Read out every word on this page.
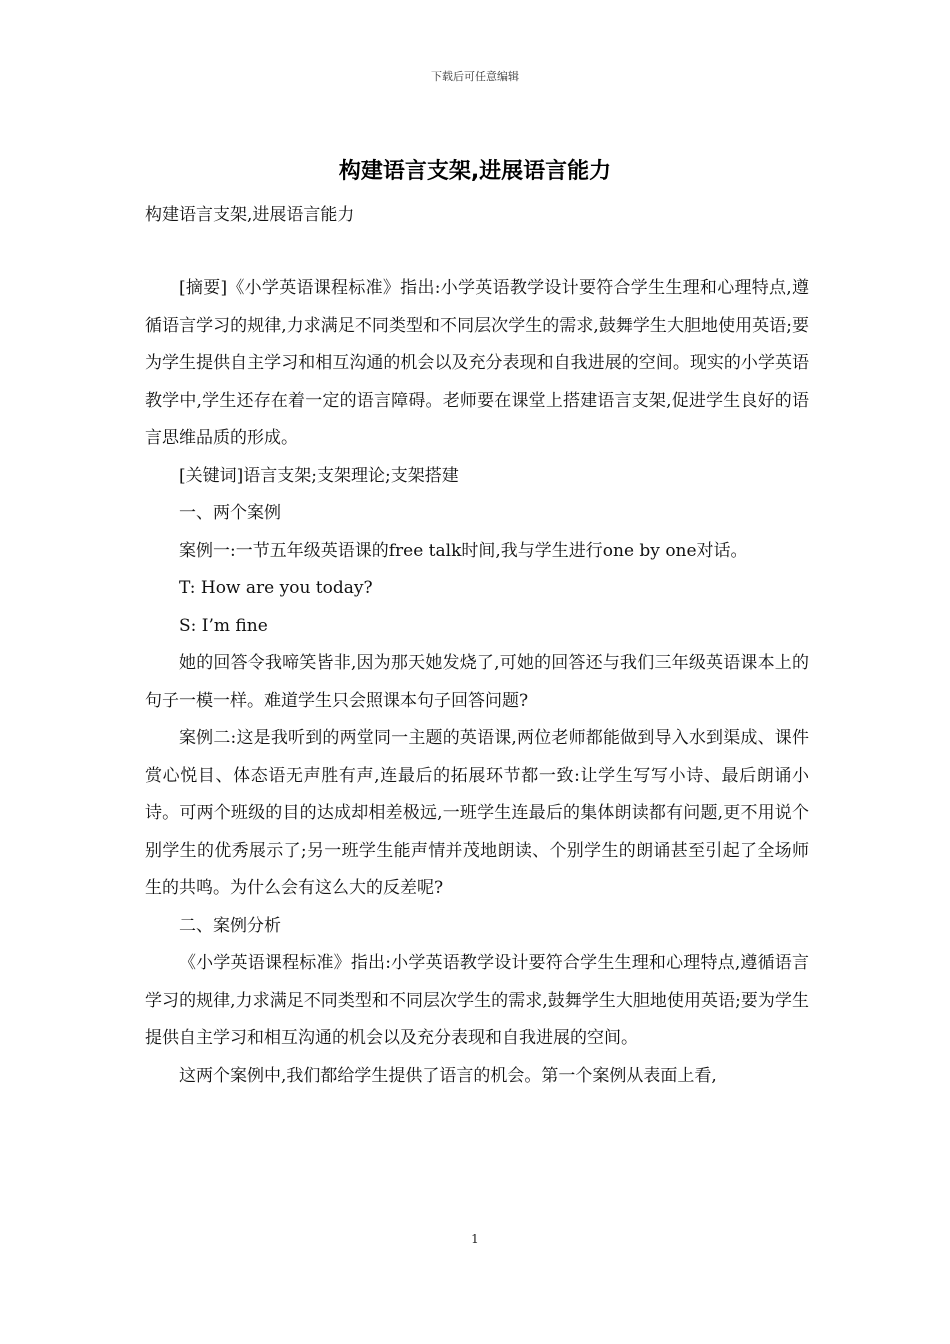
下载后可任意编辑
构建语言支架,进展语言能力
构建语言支架,进展语言能力

[摘要]《小学英语课程标准》指出:小学英语教学设计要符合学生生理和心理特点,遵循语言学习的规律,力求满足不同类型和不同层次学生的需求,鼓舞学生大胆地使用英语;要为学生提供自主学习和相互沟通的机会以及充分表现和自我进展的空间。现实的小学英语教学中,学生还存在着一定的语言障碍。老师要在课堂上搭建语言支架,促进学生良好的语言思维品质的形成。

[关键词]语言支架;支架理论;支架搭建

一、两个案例

案例一:一节五年级英语课的free talk时间,我与学生进行one by one对话。

T: How are you today?

S: I’m fine

她的回答令我啼笑皆非,因为那天她发烧了,可她的回答还与我们三年级英语课本上的句子一模一样。难道学生只会照课本句子回答问题?

案例二:这是我听到的两堂同一主题的英语课,两位老师都能做到导入水到渠成、课件赏心悦目、体态语无声胜有声,连最后的拓展环节都一致:让学生写写小诗、最后朗诵小诗。可两个班级的目的达成却相差极远,一班学生连最后的集体朗读都有问题,更不用说个别学生的优秀展示了;另一班学生能声情并茂地朗读、个别学生的朗诵甚至引起了全场师生的共鸣。为什么会有这么大的反差呢?

二、案例分析

《小学英语课程标准》指出:小学英语教学设计要符合学生生理和心理特点,遵循语言学习的规律,力求满足不同类型和不同层次学生的需求,鼓舞学生大胆地使用英语;要为学生提供自主学习和相互沟通的机会以及充分表现和自我进展的空间。

这两个案例中,我们都给学生提供了语言的机会。第一个案例从表面上看,

1
